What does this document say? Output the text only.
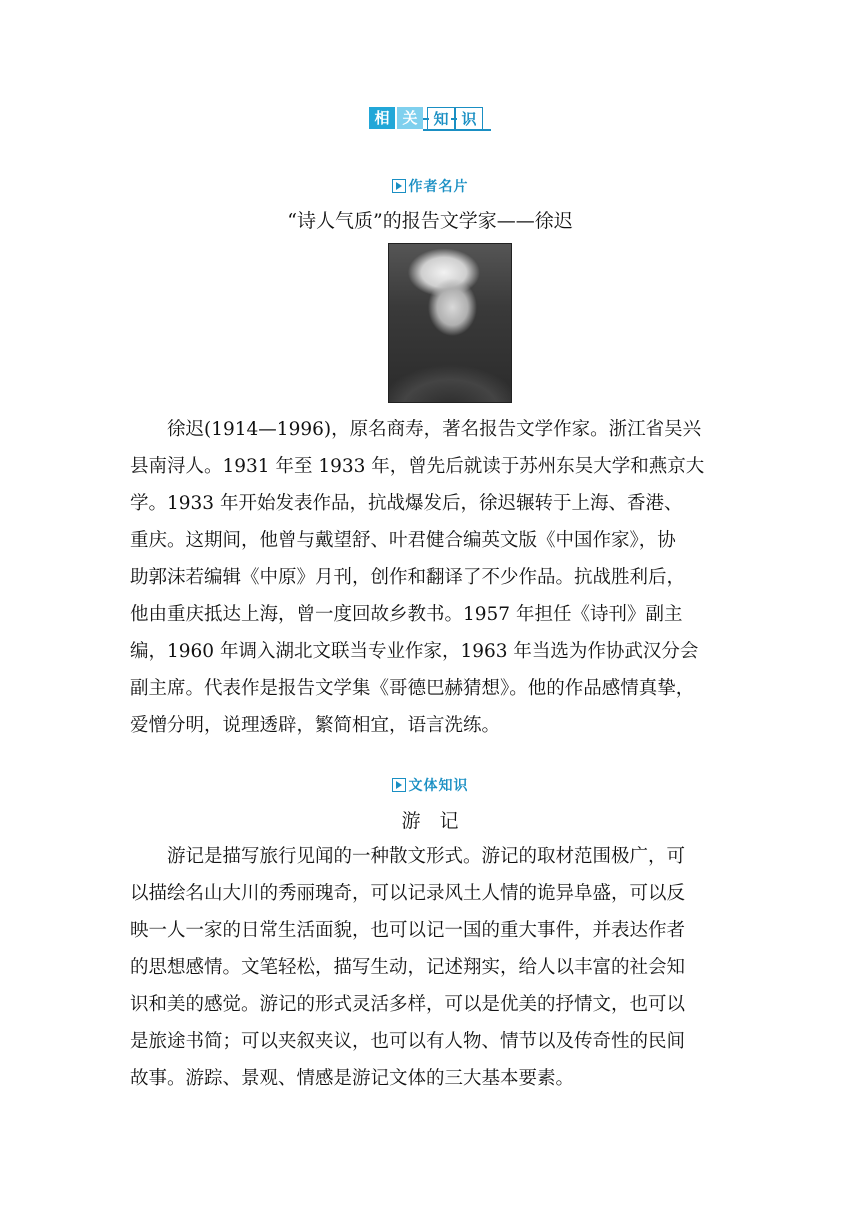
相 关	知 识
作者名片
“诗人气质”的报告文学家——徐迟
　　徐迟(1914—1996)，原名商寿，著名报告文学作家。浙江省吴兴
县南浔人。1931 年至 1933 年，曾先后就读于苏州东吴大学和燕京大
学。1933 年开始发表作品，抗战爆发后，徐迟辗转于上海、香港、
重庆。这期间，他曾与戴望舒、叶君健合编英文版《中国作家》，协
助郭沫若编辑《中原》月刊，创作和翻译了不少作品。抗战胜利后，
他由重庆抵达上海，曾一度回故乡教书。1957 年担任《诗刊》副主
编，1960 年调入湖北文联当专业作家，1963 年当选为作协武汉分会
副主席。代表作是报告文学集《哥德巴赫猜想》。他的作品感情真挚，
爱憎分明，说理透辟，繁简相宜，语言洗练。
文体知识
游　记
　　游记是描写旅行见闻的一种散文形式。游记的取材范围极广，可
以描绘名山大川的秀丽瑰奇，可以记录风土人情的诡异阜盛，可以反
映一人一家的日常生活面貌，也可以记一国的重大事件，并表达作者
的思想感情。文笔轻松，描写生动，记述翔实，给人以丰富的社会知
识和美的感觉。游记的形式灵活多样，可以是优美的抒情文，也可以
是旅途书简；可以夹叙夹议，也可以有人物、情节以及传奇性的民间
故事。游踪、景观、情感是游记文体的三大基本要素。
